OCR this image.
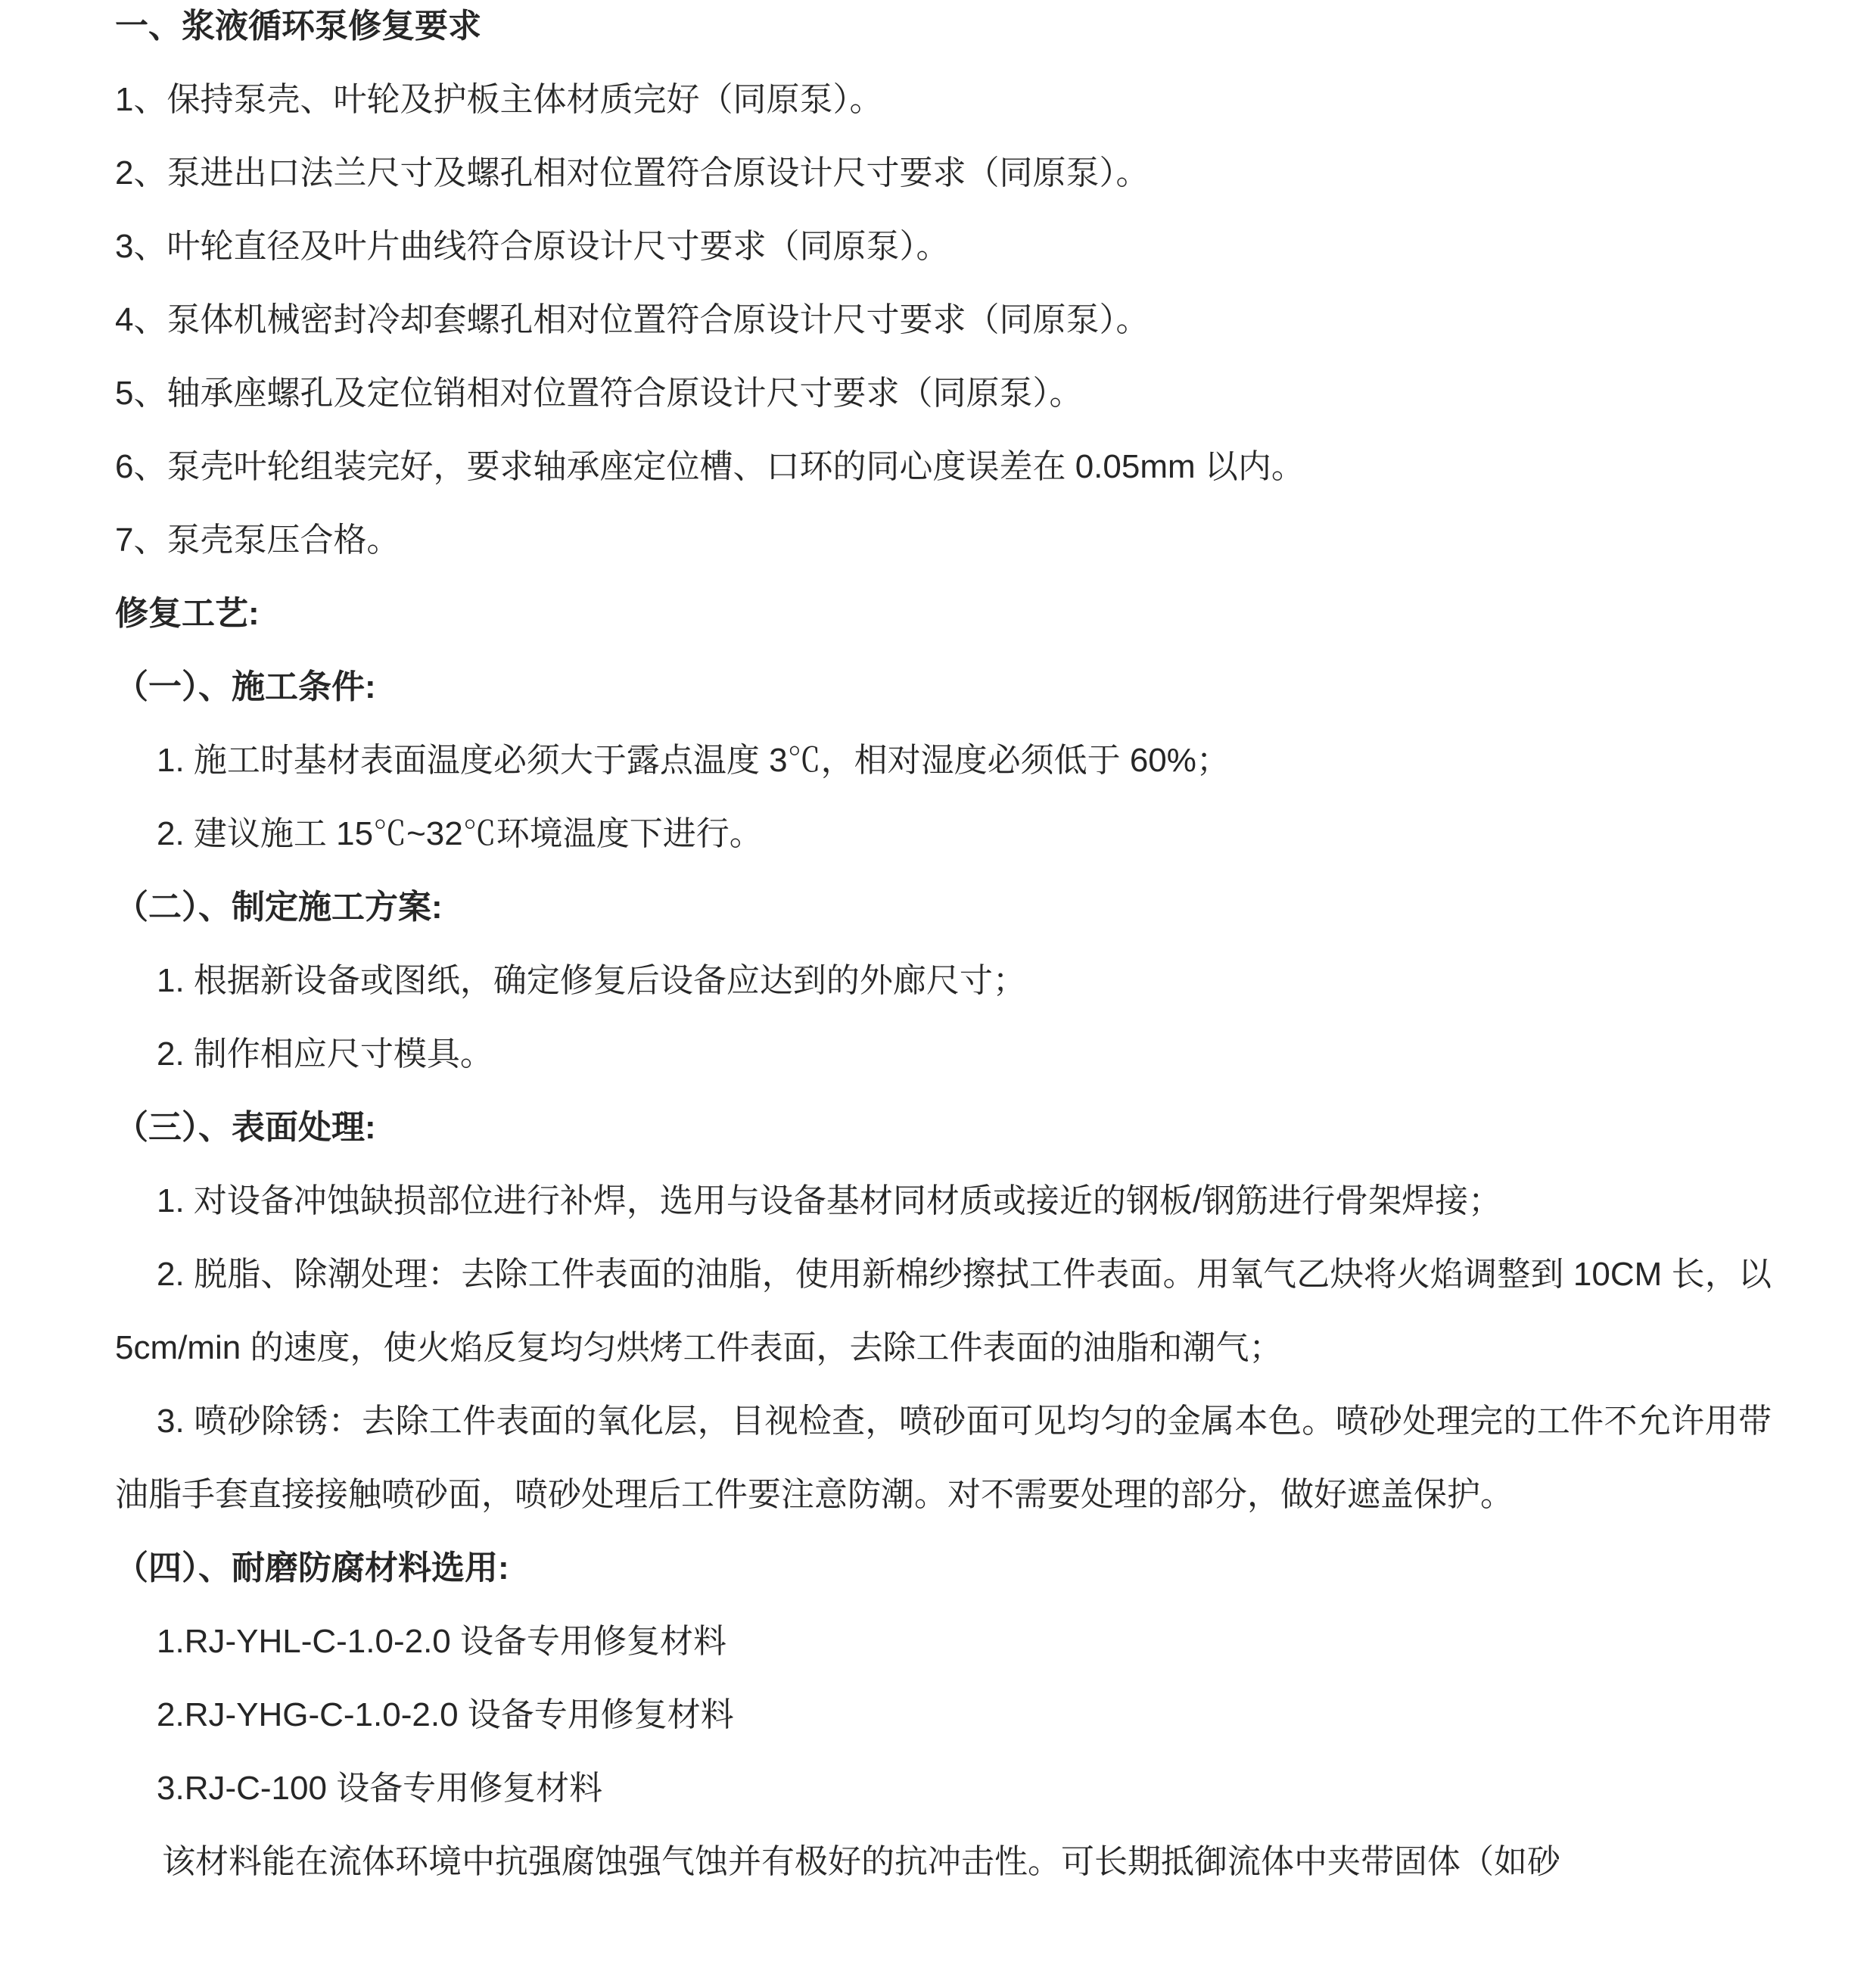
一、浆液循环泵修复要求

1、保持泵壳、叶轮及护板主体材质完好（同原泵）。

2、泵进出口法兰尺寸及螺孔相对位置符合原设计尺寸要求（同原泵）。

3、叶轮直径及叶片曲线符合原设计尺寸要求（同原泵）。

4、泵体机械密封冷却套螺孔相对位置符合原设计尺寸要求（同原泵）。

5、轴承座螺孔及定位销相对位置符合原设计尺寸要求（同原泵）。

6、泵壳叶轮组装完好，要求轴承座定位槽、口环的同心度误差在 0.05mm 以内。

7、泵壳泵压合格。

修复工艺:

（一）、施工条件:

1. 施工时基材表面温度必须大于露点温度 3℃，相对湿度必须低于 60%；

2. 建议施工 15℃~32℃环境温度下进行。

（二）、制定施工方案:

1. 根据新设备或图纸，确定修复后设备应达到的外廊尺寸；

2. 制作相应尺寸模具。

（三）、表面处理:

1. 对设备冲蚀缺损部位进行补焊，选用与设备基材同材质或接近的钢板/钢筋进行骨架焊接；

2. 脱脂、除潮处理：去除工件表面的油脂，使用新棉纱擦拭工件表面。用氧气乙炔将火焰调整到 10CM 长，以 5cm/min 的速度，使火焰反复均匀烘烤工件表面，去除工件表面的油脂和潮气；

3. 喷砂除锈：去除工件表面的氧化层，目视检查，喷砂面可见均匀的金属本色。喷砂处理完的工件不允许用带油脂手套直接接触喷砂面，喷砂处理后工件要注意防潮。对不需要处理的部分，做好遮盖保护。

（四）、耐磨防腐材料选用:

1.RJ-YHL-C-1.0-2.0 设备专用修复材料

2.RJ-YHG-C-1.0-2.0 设备专用修复材料

3.RJ-C-100 设备专用修复材料

该材料能在流体环境中抗强腐蚀强气蚀并有极好的抗冲击性。可长期抵御流体中夹带固体（如砂
